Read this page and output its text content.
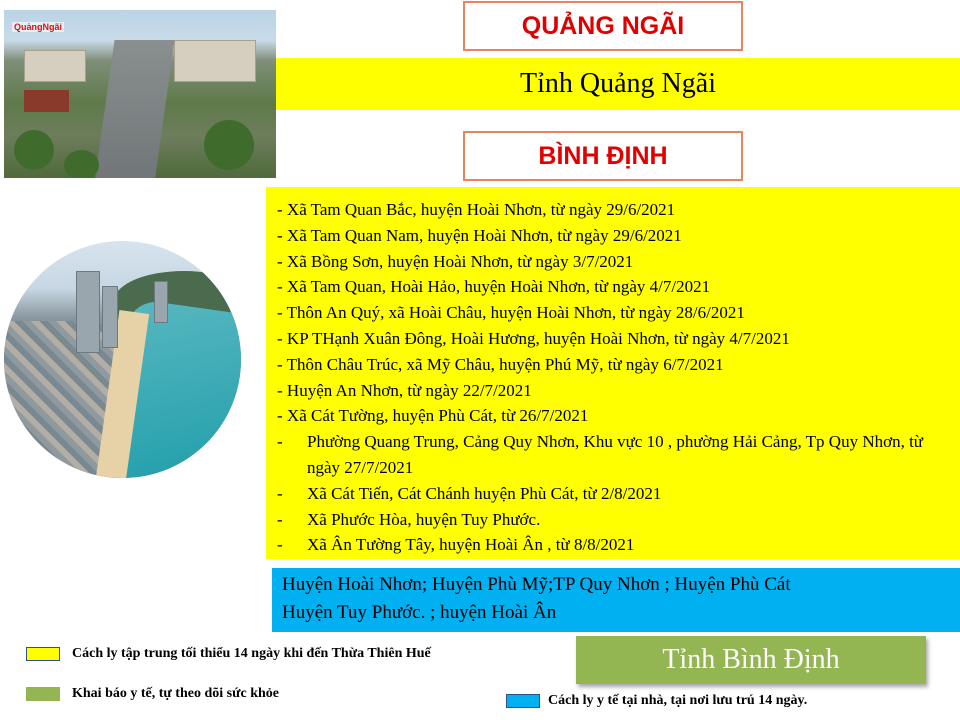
QuảngNgãi	QUẢNG NGÃI
Tỉnh Quảng Ngãi
BÌNH ĐỊNH
- Xã Tam Quan Bắc, huyện Hoài Nhơn, từ ngày 29/6/2021
- Xã Tam Quan Nam, huyện Hoài Nhơn, từ ngày 29/6/2021
- Xã Bồng Sơn, huyện Hoài Nhơn, từ ngày 3/7/2021
- Xã Tam Quan, Hoài Hảo, huyện Hoài Nhơn, từ ngày 4/7/2021
- Thôn An Quý, xã Hoài Châu, huyện Hoài Nhơn, từ ngày 28/6/2021
- KP THạnh Xuân Đông, Hoài Hương, huyện Hoài Nhơn, từ ngày 4/7/2021
- Thôn Châu Trúc, xã Mỹ Châu, huyện Phú Mỹ, từ ngày 6/7/2021
- Huyện An Nhơn, từ ngày 22/7/2021
- Xã Cát Tường, huyện Phù Cát, từ 26/7/2021
-	Phường Quang Trung, Cảng Quy Nhơn, Khu vực 10 , phường Hải Cảng, Tp Quy Nhơn, từ ngày 27/7/2021
-	Xã Cát Tiến, Cát Chánh huyện Phù Cát, từ 2/8/2021
-	Xã Phước Hòa, huyện Tuy Phước.
-	Xã Ân Tường Tây, huyện Hoài Ân , từ 8/8/2021
Huyện Hoài Nhơn; Huyện Phù Mỹ;TP Quy Nhơn ; Huyện Phù Cát
Huyện Tuy Phước. ; huyện Hoài Ân
Tỉnh Bình Định
Cách ly tập trung tối thiểu 14 ngày khi đến Thừa Thiên Huế
Khai báo y tế, tự theo dõi sức khỏe	Cách ly y tế tại nhà, tại nơi lưu trú 14 ngày.
